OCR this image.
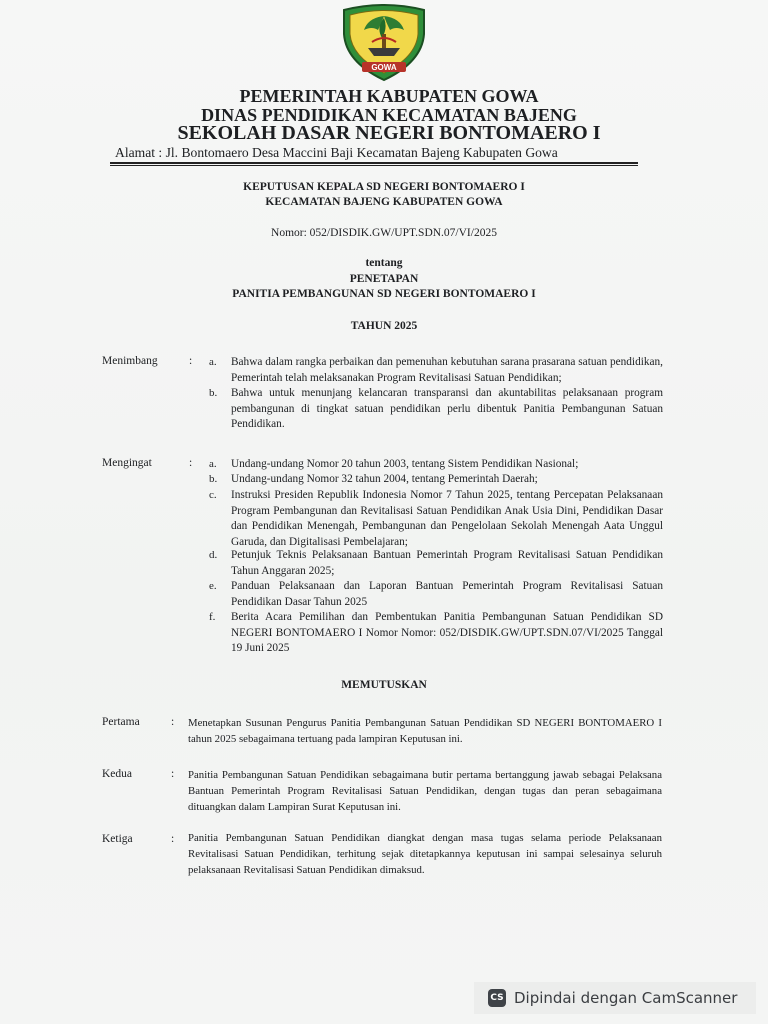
GOWA
PEMERINTAH KABUPATEN GOWA
DINAS PENDIDIKAN KECAMATAN BAJENG
SEKOLAH DASAR NEGERI BONTOMAERO I
Alamat : Jl. Bontomaero Desa Maccini Baji Kecamatan Bajeng Kabupaten Gowa
KEPUTUSAN KEPALA SD NEGERI BONTOMAERO I
KECAMATAN BAJENG KABUPATEN GOWA
Nomor: 052/DISDIK.GW/UPT.SDN.07/VI/2025
tentang
PENETAPAN
PANITIA PEMBANGUNAN SD NEGERI BONTOMAERO I
TAHUN 2025
Menimbang	: a. Bahwa dalam rangka perbaikan dan pemenuhan kebutuhan sarana prasarana satuan pendidikan, Pemerintah telah melaksanakan Program Revitalisasi Satuan Pendidikan;
b. Bahwa untuk menunjang kelancaran transparansi dan akuntabilitas pelaksanaan program pembangunan di tingkat satuan pendidikan perlu dibentuk Panitia Pembangunan Satuan Pendidikan.
Mengingat	: a. Undang-undang Nomor 20 tahun 2003, tentang Sistem Pendidikan Nasional;
b. Undang-undang Nomor 32 tahun 2004, tentang Pemerintah Daerah;
c. Instruksi Presiden Republik Indonesia Nomor 7 Tahun 2025, tentang Percepatan Pelaksanaan Program Pembangunan dan Revitalisasi Satuan Pendidikan Anak Usia Dini, Pendidikan Dasar dan Pendidikan Menengah, Pembangunan dan Pengelolaan Sekolah Menengah Aata Unggul Garuda, dan Digitalisasi Pembelajaran;
d. Petunjuk Teknis Pelaksanaan Bantuan Pemerintah Program Revitalisasi Satuan Pendidikan Tahun Anggaran 2025;
e. Panduan Pelaksanaan dan Laporan Bantuan Pemerintah Program Revitalisasi Satuan Pendidikan Dasar Tahun 2025
f. Berita Acara Pemilihan dan Pembentukan Panitia Pembangunan Satuan Pendidikan SD NEGERI BONTOMAERO I Nomor Nomor: 052/DISDIK.GW/UPT.SDN.07/VI/2025 Tanggal 19 Juni 2025
MEMUTUSKAN
Pertama	: Menetapkan Susunan Pengurus Panitia Pembangunan Satuan Pendidikan SD NEGERI BONTOMAERO I tahun 2025 sebagaimana tertuang pada lampiran Keputusan ini.
Kedua	: Panitia Pembangunan Satuan Pendidikan sebagaimana butir pertama bertanggung jawab sebagai Pelaksana Bantuan Pemerintah Program Revitalisasi Satuan Pendidikan, dengan tugas dan peran sebagaimana dituangkan dalam Lampiran Surat Keputusan ini.
Ketiga	: Panitia Pembangunan Satuan Pendidikan diangkat dengan masa tugas selama periode Pelaksanaan Revitalisasi Satuan Pendidikan, terhitung sejak ditetapkannya keputusan ini sampai selesainya seluruh pelaksanaan Revitalisasi Satuan Pendidikan dimaksud.
CS Dipindai dengan CamScanner
